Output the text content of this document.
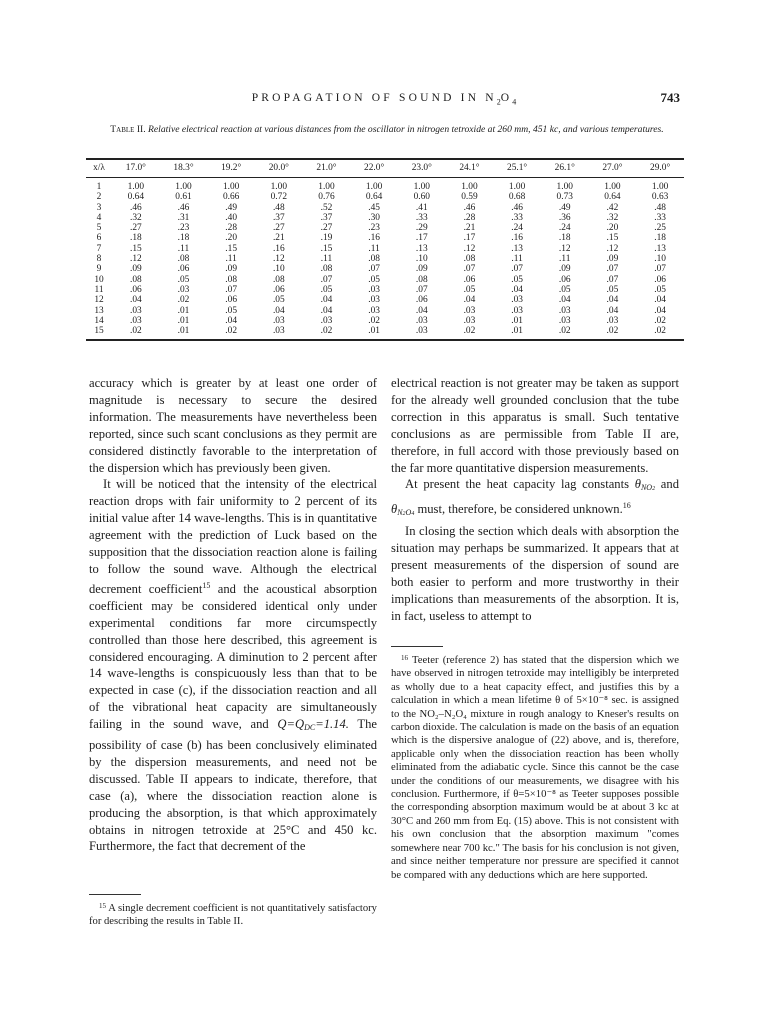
PROPAGATION OF SOUND IN $N_2O_4$	743
Table II. Relative electrical reaction at various distances from the oscillator in nitrogen tetroxide at 260 mm, 451 kc, and various temperatures.
x/λ	17.0°	18.3°	19.2°	20.0°	21.0°	22.0°	23.0°	24.1°	25.1°	26.1°	27.0°	29.0°
1	1.00	1.00	1.00	1.00	1.00	1.00	1.00	1.00	1.00	1.00	1.00	1.00
2	0.64	0.61	0.66	0.72	0.76	0.64	0.60	0.59	0.68	0.73	0.64	0.63
3	.46	.46	.49	.48	.52	.45	.41	.46	.46	.49	.42	.48
4	.32	.31	.40	.37	.37	.30	.33	.28	.33	.36	.32	.33
5	.27	.23	.28	.27	.27	.23	.29	.21	.24	.24	.20	.25
6	.18	.18	.20	.21	.19	.16	.17	.17	.16	.18	.15	.18
7	.15	.11	.15	.16	.15	.11	.13	.12	.13	.12	.12	.13
8	.12	.08	.11	.12	.11	.08	.10	.08	.11	.11	.09	.10
9	.09	.06	.09	.10	.08	.07	.09	.07	.07	.09	.07	.07
10	.08	.05	.08	.08	.07	.05	.08	.06	.05	.06	.07	.06
11	.06	.03	.07	.06	.05	.03	.07	.05	.04	.05	.05	.05
12	.04	.02	.06	.05	.04	.03	.06	.04	.03	.04	.04	.04
13	.03	.01	.05	.04	.04	.03	.04	.03	.03	.03	.04	.04
14	.03	.01	.04	.03	.03	.02	.03	.03	.01	.03	.03	.02
15	.02	.01	.02	.03	.02	.01	.03	.02	.01	.02	.02	.02

accuracy which is greater by at least one order of magnitude is necessary to secure the desired information. The measurements have nevertheless been reported, since such scant conclusions as they permit are considered distinctly favorable to the interpretation of the dispersion which has previously been given.

It will be noticed that the intensity of the electrical reaction drops with fair uniformity to 2 percent of its initial value after 14 wave-lengths. This is in quantitative agreement with the prediction of Luck based on the supposition that the dissociation reaction alone is failing to follow the sound wave. Although the electrical decrement coefficient$^{15}$ and the acoustical absorption coefficient may be considered identical only under experimental conditions far more circumspectly controlled than those here described, this agreement is considered encouraging. A diminution to 2 percent after 14 wave-lengths is conspicuously less than that to be expected in case (c), if the dissociation reaction and all of the vibrational heat capacity are simultaneously failing in the sound wave, and $Q=Q_{DC}=1.14$. The possibility of case (b) has been conclusively eliminated by the dispersion measurements, and need not be discussed. Table II appears to indicate, therefore, that case (a), where the dissociation reaction alone is producing the absorption, is that which approximately obtains in nitrogen tetroxide at 25°C and 450 kc. Furthermore, the fact that decrement of the

$^{15}$ A single decrement coefficient is not quantitatively satisfactory for describing the results in Table II.

electrical reaction is not greater may be taken as support for the already well grounded conclusion that the tube correction in this apparatus is small. Such tentative conclusions as are permissible from Table II are, therefore, in full accord with those previously based on the far more quantitative dispersion measurements.

At present the heat capacity lag constants $\theta_{NO2}$ and $\theta_{N2O4}$ must, therefore, be considered unknown.$^{16}$

In closing the section which deals with absorption the situation may perhaps be summarized. It appears that at present measurements of the dispersion of sound are both easier to perform and more trustworthy in their implications than measurements of the absorption. It is, in fact, useless to attempt to

$^{16}$ Teeter (reference 2) has stated that the dispersion which we have observed in nitrogen tetroxide may intelligibly be interpreted as wholly due to a heat capacity effect, and justifies this by a calculation in which a mean lifetime θ of 5×10⁻⁸ sec. is assigned to the NO₂–N₂O₄ mixture in rough analogy to Kneser's results on carbon dioxide. The calculation is made on the basis of an equation which is the dispersive analogue of (22) above, and is, therefore, applicable only when the dissociation reaction has been wholly eliminated from the adiabatic cycle. Since this cannot be the case under the conditions of our measurements, we disagree with his conclusion. Furthermore, if θ=5×10⁻⁸ as Teeter supposes possible the corresponding absorption maximum would be at about 3 kc at 30°C and 260 mm from Eq. (15) above. This is not consistent with his own conclusion that the absorption maximum "comes somewhere near 700 kc." The basis for his conclusion is not given, and since neither temperature nor pressure are specified it cannot be compared with any deductions which are here supported.
